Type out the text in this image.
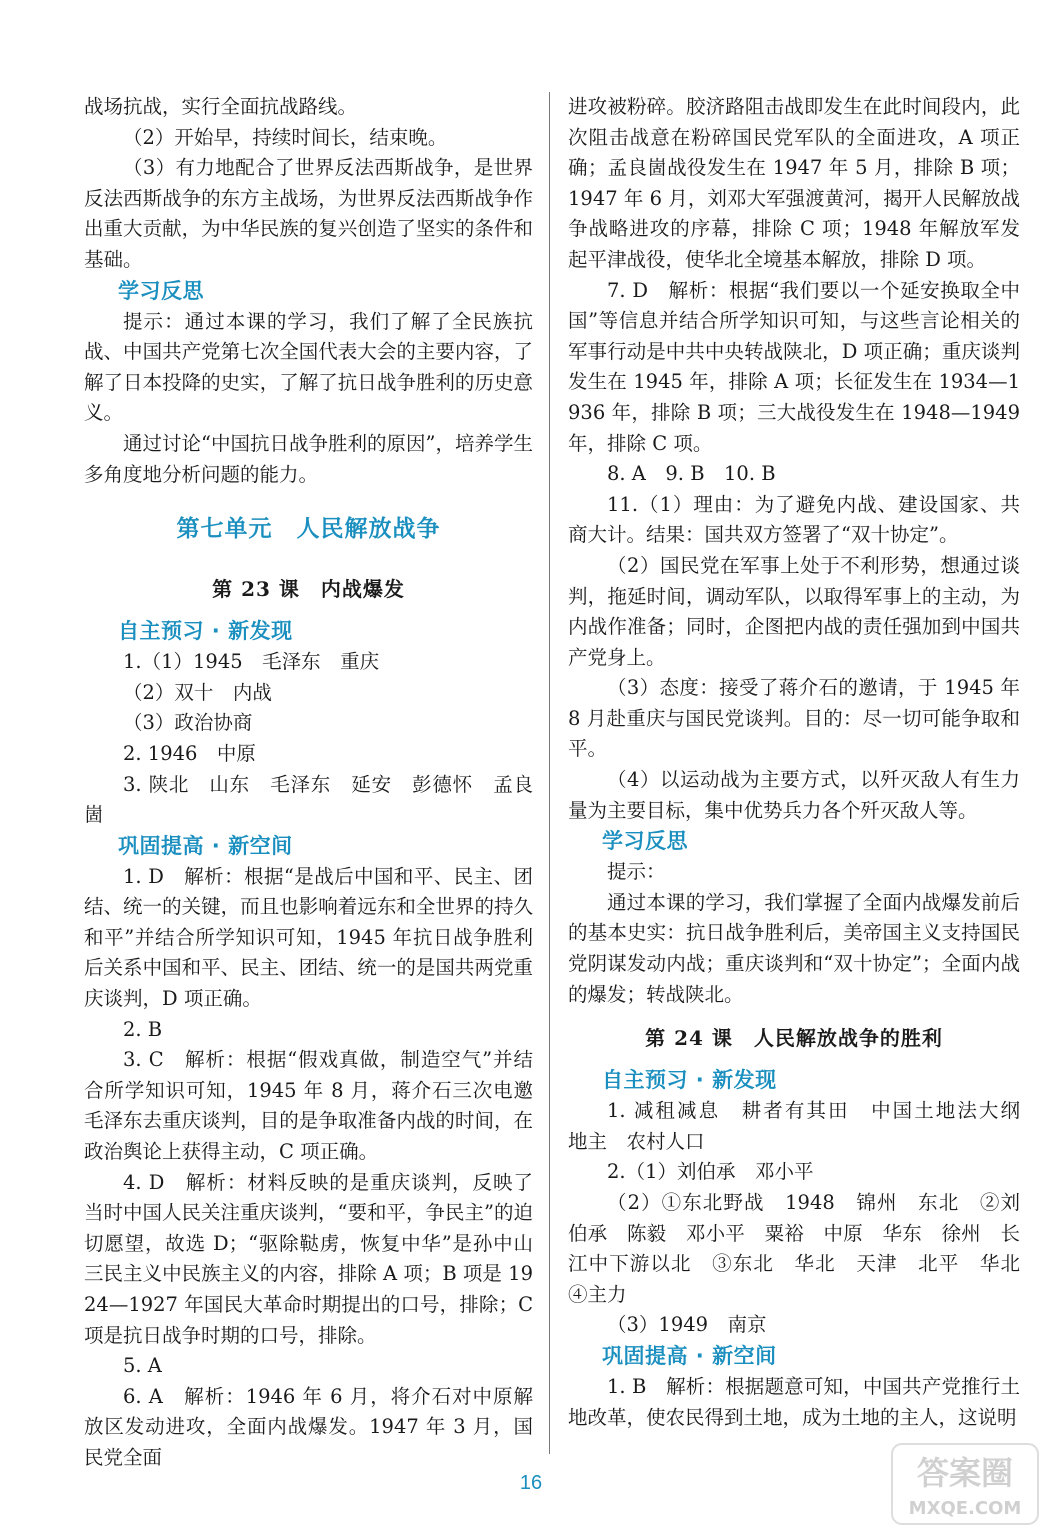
战场抗战，实行全面抗战路线。

（2）开始早，持续时间长，结束晚。

（3）有力地配合了世界反法西斯战争，是世界反法西斯战争的东方主战场，为世界反法西斯战争作出重大贡献，为中华民族的复兴创造了坚实的条件和基础。

学习反思

提示：通过本课的学习，我们了解了全民族抗战、中国共产党第七次全国代表大会的主要内容，了解了日本投降的史实，了解了抗日战争胜利的历史意义。

通过讨论“中国抗日战争胜利的原因”，培养学生多角度地分析问题的能力。

第七单元　人民解放战争
第 23 课　内战爆发
自主预习 · 新发现

1.（1）1945　毛泽东　重庆

（2）双十　内战

（3）政治协商

2. 1946　中原

3. 陕北　山东　毛泽东　延安　彭德怀　孟良崮

巩固提高 · 新空间

1. D　解析：根据“是战后中国和平、民主、团结、统一的关键，而且也影响着远东和全世界的持久和平”并结合所学知识可知，1945 年抗日战争胜利后关系中国和平、民主、团结、统一的是国共两党重庆谈判，D 项正确。

2. B

3. C　解析：根据“假戏真做，制造空气”并结合所学知识可知，1945 年 8 月，蒋介石三次电邀毛泽东去重庆谈判，目的是争取准备内战的时间，在政治舆论上获得主动，C 项正确。

4. D　解析：材料反映的是重庆谈判，反映了当时中国人民关注重庆谈判，“要和平，争民主”的迫切愿望，故选 D；“驱除鞑虏，恢复中华”是孙中山三民主义中民族主义的内容，排除 A 项；B 项是 1924—1927 年国民大革命时期提出的口号，排除；C 项是抗日战争时期的口号，排除。

5. A

6. A　解析：1946 年 6 月，将介石对中原解放区发动进攻，全面内战爆发。1947 年 3 月，国民党全面

进攻被粉碎。胶济路阻击战即发生在此时间段内，此次阻击战意在粉碎国民党军队的全面进攻，A 项正确；孟良崮战役发生在 1947 年 5 月，排除 B 项；1947 年 6 月，刘邓大军强渡黄河，揭开人民解放战争战略进攻的序幕，排除 C 项；1948 年解放军发起平津战役，使华北全境基本解放，排除 D 项。

7. D　解析：根据“我们要以一个延安换取全中国”等信息并结合所学知识可知，与这些言论相关的军事行动是中共中央转战陕北，D 项正确；重庆谈判发生在 1945 年，排除 A 项；长征发生在 1934—1936 年，排除 B 项；三大战役发生在 1948—1949 年，排除 C 项。

8. A　9. B　10. B

11.（1）理由：为了避免内战、建设国家、共商大计。结果：国共双方签署了“双十协定”。

（2）国民党在军事上处于不利形势，想通过谈判，拖延时间，调动军队，以取得军事上的主动，为内战作准备；同时，企图把内战的责任强加到中国共产党身上。

（3）态度：接受了蒋介石的邀请，于 1945 年 8 月赴重庆与国民党谈判。目的：尽一切可能争取和平。

（4）以运动战为主要方式，以歼灭敌人有生力量为主要目标，集中优势兵力各个歼灭敌人等。

学习反思

提示：

通过本课的学习，我们掌握了全面内战爆发前后的基本史实：抗日战争胜利后，美帝国主义支持国民党阴谋发动内战；重庆谈判和“双十协定”；全面内战的爆发；转战陕北。

第 24 课　人民解放战争的胜利
自主预习 · 新发现

1. 减租减息　耕者有其田　中国土地法大纲　地主　农村人口

2.（1）刘伯承　邓小平

（2）①东北野战　1948　锦州　东北　②刘伯承　陈毅　邓小平　粟裕　中原　华东　徐州　长江中下游以北　③东北　华北　天津　北平　华北　④主力

（3）1949　南京

巩固提高 · 新空间

1. B　解析：根据题意可知，中国共产党推行土地改革，使农民得到土地，成为土地的主人，这说明

16	答案圈
MXQE.COM
